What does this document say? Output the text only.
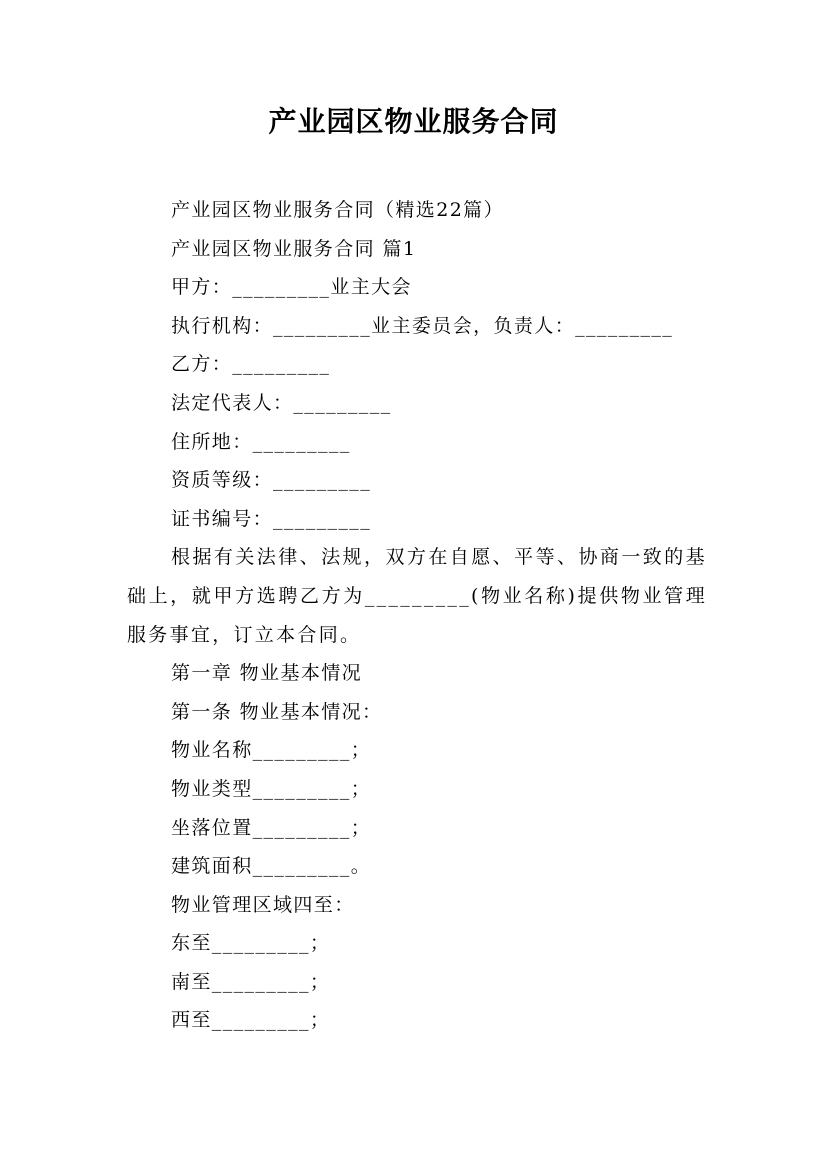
产业园区物业服务合同
产业园区物业服务合同（精选22篇）
产业园区物业服务合同 篇1
甲方：_________业主大会
执行机构：_________业主委员会，负责人：_________
乙方：_________
法定代表人：_________
住所地：_________
资质等级：_________
证书编号：_________
根据有关法律、法规，双方在自愿、平等、协商一致的基础上，就甲方选聘乙方为_________(物业名称)提供物业管理服务事宜，订立本合同。
第一章 物业基本情况
第一条 物业基本情况：
物业名称_________；
物业类型_________；
坐落位置_________；
建筑面积_________。
物业管理区域四至：
东至_________；
南至_________；
西至_________；
